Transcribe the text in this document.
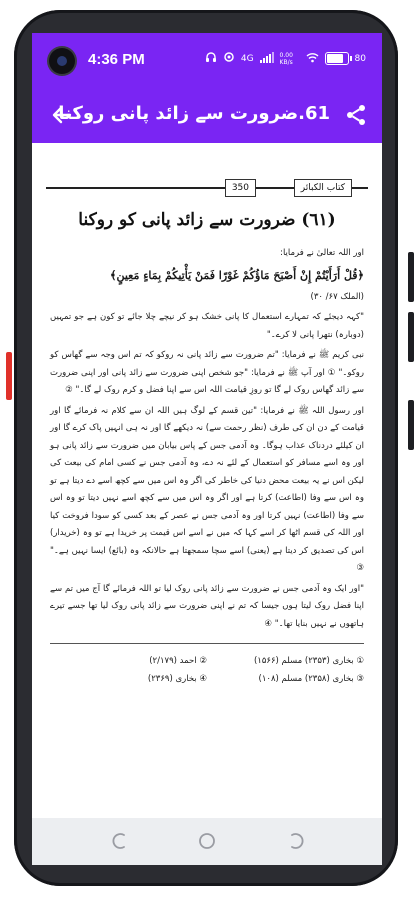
4:36 PM	4G	0.00 KB/s	80
61.ضرورت سے زائد پانی روکنا
کتاب الکبائر
350
(٦١) ضرورت سے زائد پانی کو روکنا

اور اللہ تعالیٰ نے فرمایا:

﴿قُلْ أَرَأَيْتُمْ إِنْ أَصْبَحَ مَاؤُكُمْ غَوْرًا فَمَنْ يَأْتِيكُمْ بِمَاءٍ مَعِينٍ﴾

(الملک ۶۷/ ۳۰)

"کہہ دیجئے کہ تمہارے استعمال کا پانی خشک ہو کر نیچے چلا جائے تو کون ہے جو تمہیں (دوبارہ) نتھرا پانی لا کرے۔"

نبی کریم ﷺ نے فرمایا: "تم ضرورت سے زائد پانی نہ روکو کہ تم اس وجہ سے گھاس کو روکو۔" ① اور آپ ﷺ نے فرمایا: "جو شخص اپنی ضرورت سے زائد پانی اور اپنی ضرورت سے زائد گھاس روک لے گا تو روزِ قیامت اللہ اس سے اپنا فضل و کرم روک لے گا۔" ②

اور رسول اللہ ﷺ نے فرمایا: "تین قسم کے لوگ ہیں اللہ ان سے کلام نہ فرمائے گا اور قیامت کے دن ان کی طرف (نظر رحمت سے) نہ دیکھے گا اور نہ ہی انہیں پاک کرے گا اور ان کیلئے دردناک عذاب ہوگا۔ وہ آدمی جس کے پاس بیابان میں ضرورت سے زائد پانی ہو اور وہ اسے مسافر کو استعمال کے لئے نہ دے، وہ آدمی جس نے کسی امام کی بیعت کی لیکن اس نے یہ بیعت محض دنیا کی خاطر کی اگر وہ اس میں سے کچھ اسے دے دیتا ہے تو وہ اس سے وفا (اطاعت) کرتا ہے اور اگر وہ اس میں سے کچھ اسے نہیں دیتا تو وہ اس سے وفا (اطاعت) نہیں کرتا اور وہ آدمی جس نے عصر کے بعد کسی کو سودا فروخت کیا اور اللہ کی قسم اٹھا کر اسے کہا کہ میں نے اسے اس قیمت پر خریدا ہے تو وہ (خریدار) اس کی تصدیق کر دیتا ہے (یعنی) اسے سچا سمجھتا ہے حالانکہ وہ (بائع) ایسا نہیں ہے۔" ③

"اور ایک وہ آدمی جس نے ضرورت سے زائد پانی روک لیا تو اللہ فرمائے گا آج میں تم سے اپنا فضل روک لیتا ہوں جیسا کہ تم نے اپنی ضرورت سے زائد پانی روک لیا تھا جسے تیرے ہاتھوں نے نہیں بنایا تھا۔" ④

① بخاری (۲۳۵۳) مسلم (۱۵۶۶)
② احمد (۲/۱۷۹)
③ بخاری (۲۳۵۸) مسلم (۱۰۸)
④ بخاری (۲۳۶۹)
